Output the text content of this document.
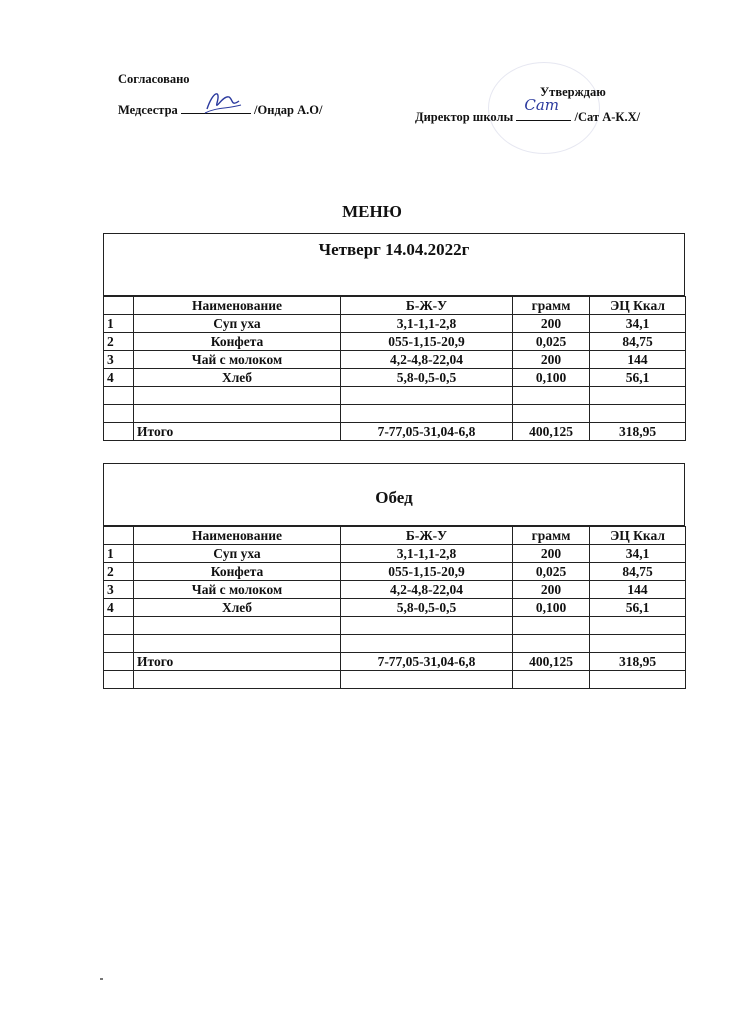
Согласовано
Медсестра	/Ондар А.О/
Утверждаю
Директор школы
Сат
/Сат А-К.Х/
МЕНЮ
Четверг 14.04.2022г
	Наименование	Б-Ж-У	грамм	ЭЦ Ккал
1	Суп уха	3,1-1,1-2,8	200	34,1
2	Конфета	055-1,15-20,9	0,025	84,75
3	Чай с молоком	4,2-4,8-22,04	200	144
4	Хлеб	5,8-0,5-0,5	0,100	56,1

	Итого	7-77,05-31,04-6,8	400,125	318,95
Обед
	Наименование	Б-Ж-У	грамм	ЭЦ Ккал
1	Суп уха	3,1-1,1-2,8	200	34,1
2	Конфета	055-1,15-20,9	0,025	84,75
3	Чай с молоком	4,2-4,8-22,04	200	144
4	Хлеб	5,8-0,5-0,5	0,100	56,1

	Итого	7-77,05-31,04-6,8	400,125	318,95
